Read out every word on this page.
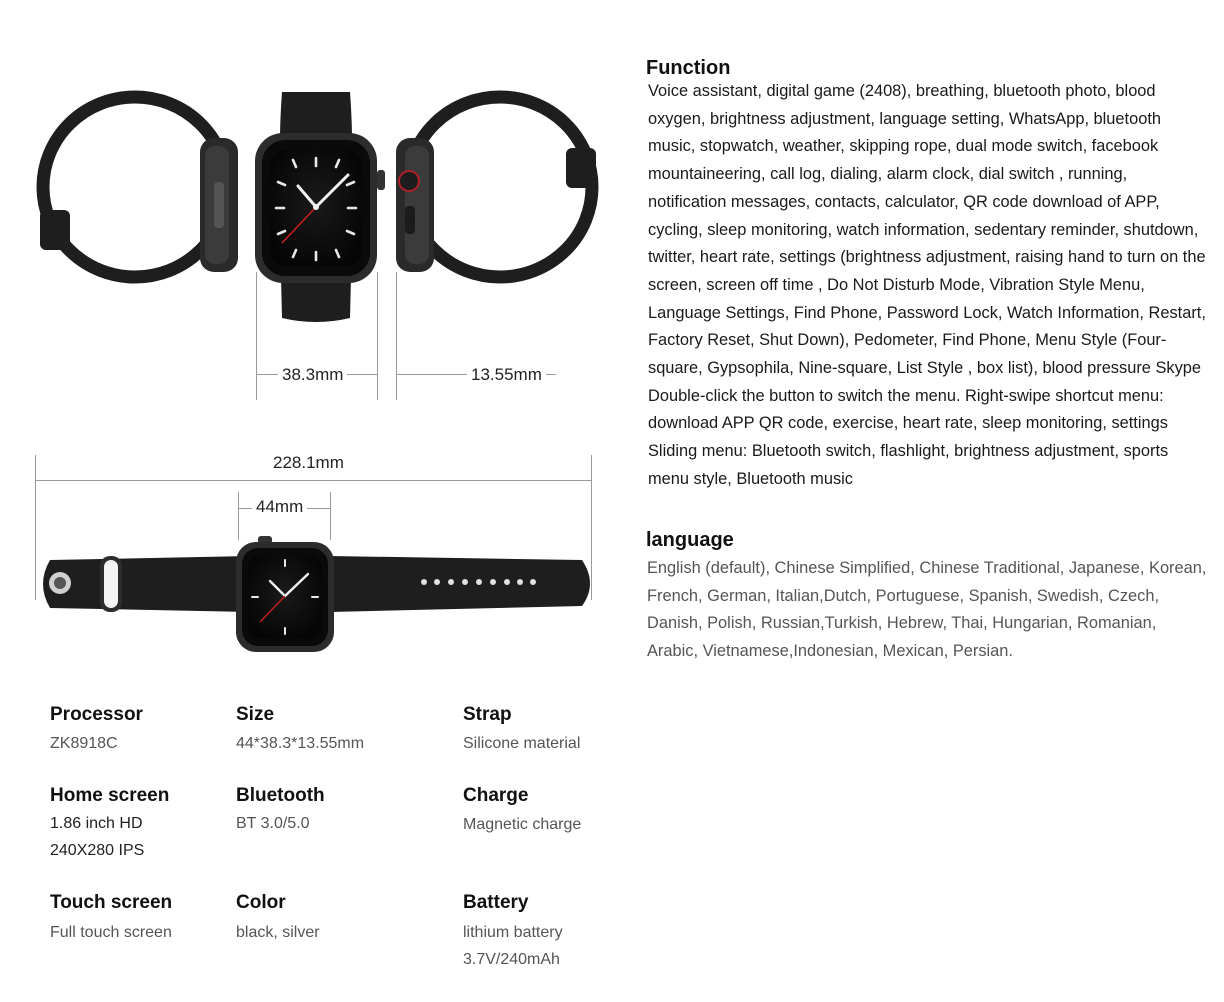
38.3mm	13.55mm
228.1mm
44mm
Function
Voice assistant, digital game (2408), breathing, bluetooth photo, blood oxygen, brightness adjustment, language setting, WhatsApp, bluetooth music, stopwatch, weather, skipping rope, dual mode switch, facebook mountaineering, call log, dialing, alarm clock, dial switch , running, notification messages, contacts, calculator, QR code download of APP, cycling, sleep monitoring, watch information, sedentary reminder, shutdown, twitter, heart rate, settings (brightness adjustment, raising hand to turn on the screen, screen off time , Do Not Disturb Mode, Vibration Style Menu, Language Settings, Find Phone, Password Lock, Watch Information, Restart, Factory Reset, Shut Down), Pedometer, Find Phone, Menu Style (Four-square, Gypsophila, Nine-square, List Style , box list), blood pressure Skype Double-click the button to switch the menu. Right-swipe shortcut menu: download APP QR code, exercise, heart rate, sleep monitoring, settings Sliding menu: Bluetooth switch, flashlight, brightness adjustment, sports menu style, Bluetooth music
language
English (default), Chinese Simplified, Chinese Traditional, Japanese, Korean, French, German, Italian,Dutch, Portuguese, Spanish, Swedish, Czech, Danish, Polish, Russian,Turkish, Hebrew, Thai, Hungarian, Romanian, Arabic, Vietnamese,Indonesian, Mexican, Persian.
Processor
ZK8918C
Size
44*38.3*13.55mm
Strap
Silicone material
Home screen
1.86 inch HD
240X280 IPS
Bluetooth
BT 3.0/5.0
Charge
Magnetic charge
Touch screen
Full touch screen
Color
black, silver
Battery
lithium battery
3.7V/240mAh
